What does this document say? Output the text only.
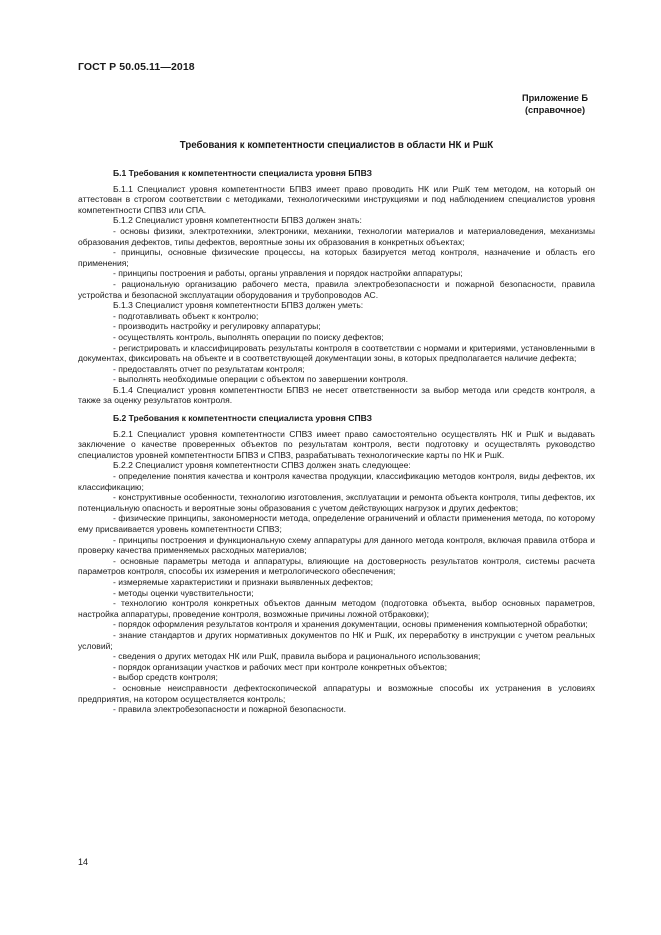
ГОСТ Р 50.05.11—2018
Приложение Б
(справочное)
Требования к компетентности специалистов в области НК и РшК

Б.1 Требования к компетентности специалиста уровня БПВЗ

Б.1.1 Специалист уровня компетентности БПВЗ имеет право проводить НК или РшК тем методом, на который он аттестован в строгом соответствии с методиками, технологическими инструкциями и под наблюдением специалистов уровня компетентности СПВЗ или СПА.

Б.1.2 Специалист уровня компетентности БПВЗ должен знать:

- основы физики, электротехники, электроники, механики, технологии материалов и материаловедения, механизмы образования дефектов, типы дефектов, вероятные зоны их образования в конкретных объектах;

- принципы, основные физические процессы, на которых базируется метод контроля, назначение и область его применения;

- принципы построения и работы, органы управления и порядок настройки аппаратуры;

- рациональную организацию рабочего места, правила электробезопасности и пожарной безопасности, правила устройства и безопасной эксплуатации оборудования и трубопроводов АС.

Б.1.3 Специалист уровня компетентности БПВЗ должен уметь:

- подготавливать объект к контролю;

- производить настройку и регулировку аппаратуры;

- осуществлять контроль, выполнять операции по поиску дефектов;

- регистрировать и классифицировать результаты контроля в соответствии с нормами и критериями, установленными в документах, фиксировать на объекте и в соответствующей документации зоны, в которых предполагается наличие дефекта;

- предоставлять отчет по результатам контроля;

- выполнять необходимые операции с объектом по завершении контроля.

Б.1.4 Специалист уровня компетентности БПВЗ не несет ответственности за выбор метода или средств контроля, а также за оценку результатов контроля.

Б.2 Требования к компетентности специалиста уровня СПВЗ

Б.2.1 Специалист уровня компетентности СПВЗ имеет право самостоятельно осуществлять НК и РшК и выдавать заключение о качестве проверенных объектов по результатам контроля, вести подготовку и осуществлять руководство специалистов уровней компетентности БПВЗ и СПВЗ, разрабатывать технологические карты по НК и РшК.

Б.2.2 Специалист уровня компетентности СПВЗ должен знать следующее:

- определение понятия качества и контроля качества продукции, классификацию методов контроля, виды дефектов, их классификацию;

- конструктивные особенности, технологию изготовления, эксплуатации и ремонта объекта контроля, типы дефектов, их потенциальную опасность и вероятные зоны образования с учетом действующих нагрузок и других дефектов;

- физические принципы, закономерности метода, определение ограничений и области применения метода, по которому ему присваивается уровень компетентности СПВЗ;

- принципы построения и функциональную схему аппаратуры для данного метода контроля, включая правила отбора и проверку качества применяемых расходных материалов;

- основные параметры метода и аппаратуры, влияющие на достоверность результатов контроля, системы расчета параметров контроля, способы их измерения и метрологического обеспечения;

- измеряемые характеристики и признаки выявленных дефектов;

- методы оценки чувствительности;

- технологию контроля конкретных объектов данным методом (подготовка объекта, выбор основных параметров, настройка аппаратуры, проведение контроля, возможные причины ложной отбраковки);

- порядок оформления результатов контроля и хранения документации, основы применения компьютерной обработки;

- знание стандартов и других нормативных документов по НК и РшК, их переработку в инструкции с учетом реальных условий;

- сведения о других методах НК или РшК, правила выбора и рационального использования;

- порядок организации участков и рабочих мест при контроле конкретных объектов;

- выбор средств контроля;

- основные неисправности дефектоскопической аппаратуры и возможные способы их устранения в условиях предприятия, на котором осуществляется контроль;

- правила электробезопасности и пожарной безопасности.

14
